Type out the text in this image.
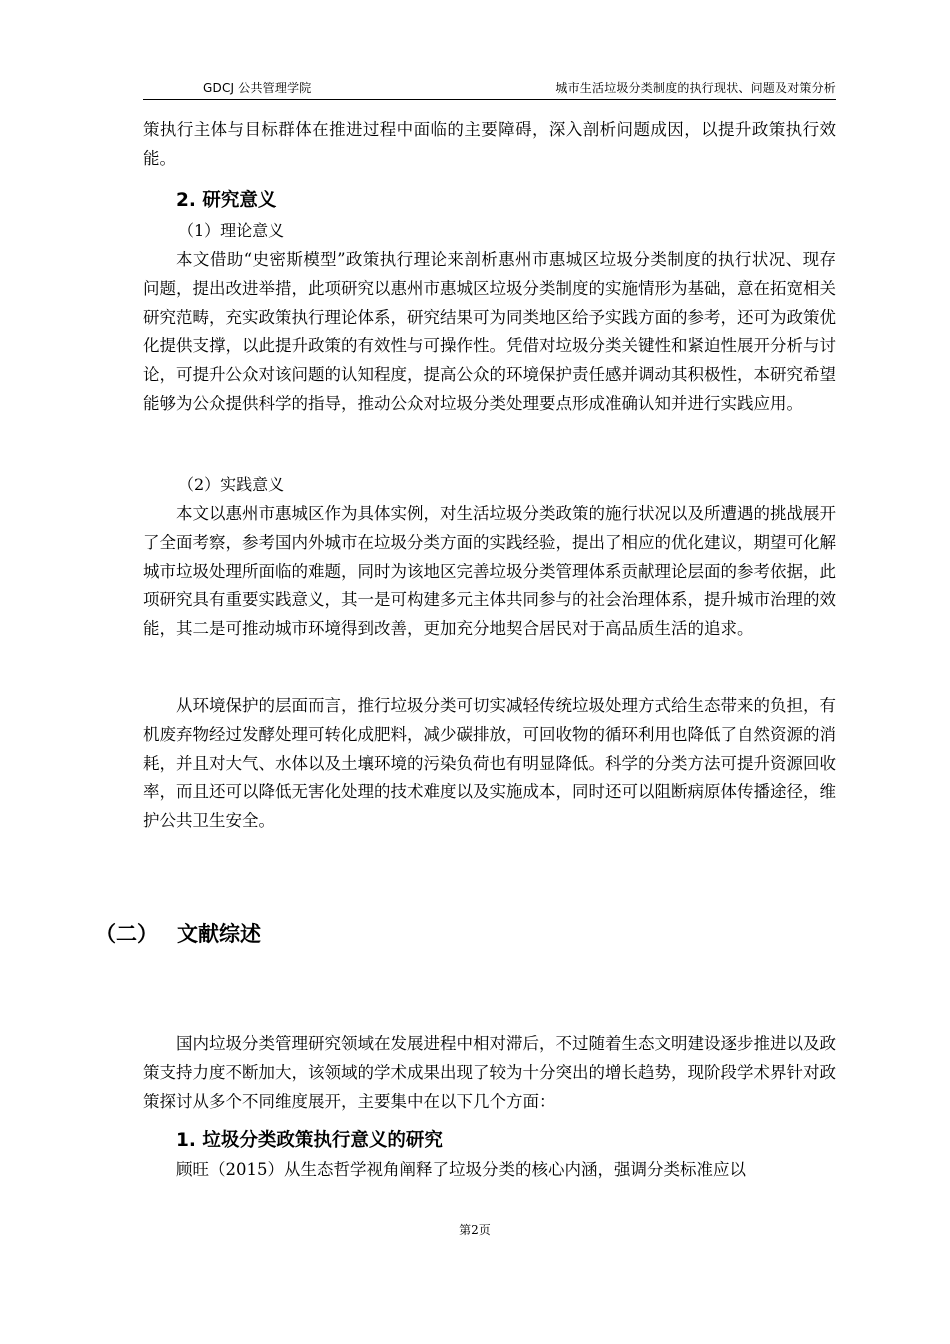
GDCJ 公共管理学院	城市生活垃圾分类制度的执行现状、问题及对策分析

策执行主体与目标群体在推进过程中面临的主要障碍，深入剖析问题成因，以提升政策执行效能。

2. 研究意义

（1）理论意义

本文借助“史密斯模型”政策执行理论来剖析惠州市惠城区垃圾分类制度的执行状况、现存问题，提出改进举措，此项研究以惠州市惠城区垃圾分类制度的实施情形为基础，意在拓宽相关研究范畴，充实政策执行理论体系，研究结果可为同类地区给予实践方面的参考，还可为政策优化提供支撑，以此提升政策的有效性与可操作性。凭借对垃圾分类关键性和紧迫性展开分析与讨论，可提升公众对该问题的认知程度，提高公众的环境保护责任感并调动其积极性，本研究希望能够为公众提供科学的指导，推动公众对垃圾分类处理要点形成准确认知并进行实践应用。

（2）实践意义

本文以惠州市惠城区作为具体实例，对生活垃圾分类政策的施行状况以及所遭遇的挑战展开了全面考察，参考国内外城市在垃圾分类方面的实践经验，提出了相应的优化建议，期望可化解城市垃圾处理所面临的难题，同时为该地区完善垃圾分类管理体系贡献理论层面的参考依据，此项研究具有重要实践意义，其一是可构建多元主体共同参与的社会治理体系，提升城市治理的效能，其二是可推动城市环境得到改善，更加充分地契合居民对于高品质生活的追求。

从环境保护的层面而言，推行垃圾分类可切实减轻传统垃圾处理方式给生态带来的负担，有机废弃物经过发酵处理可转化成肥料，减少碳排放，可回收物的循环利用也降低了自然资源的消耗，并且对大气、水体以及土壤环境的污染负荷也有明显降低。科学的分类方法可提升资源回收率，而且还可以降低无害化处理的技术难度以及实施成本，同时还可以阻断病原体传播途径，维护公共卫生安全。

（二） 文献综述

国内垃圾分类管理研究领域在发展进程中相对滞后，不过随着生态文明建设逐步推进以及政策支持力度不断加大，该领域的学术成果出现了较为十分突出的增长趋势，现阶段学术界针对政策探讨从多个不同维度展开，主要集中在以下几个方面：

1. 垃圾分类政策执行意义的研究

顾旺（2015）从生态哲学视角阐释了垃圾分类的核心内涵，强调分类标准应以

第2页
